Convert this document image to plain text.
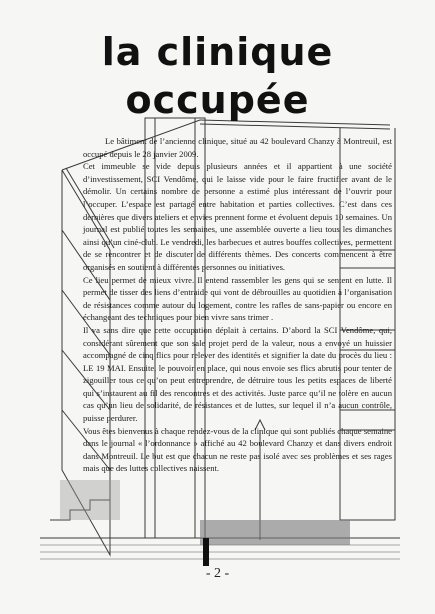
la clinique
occupée

Le bâtiment de l’ancienne clinique, situé au 42 boulevard Chanzy à Montreuil, est occupé depuis le 28 janvier 2009.

Cet immeuble se vide depuis plusieurs années et il appartient à une société d’investissement, SCI Vendôme, qui le laisse vide pour le faire fructifier avant de le démolir. Un certains nombre de personne a estimé plus intéressant de l’ouvrir pour l’occuper. L’espace est partagé entre habitation et parties collectives. C’est dans ces dernières que divers ateliers et envies prennent forme et évoluent depuis 10 semaines. Un journal est publié toutes les semaines, une assemblée ouverte a lieu tous les dimanches ainsi qu’un ciné-club. Le vendredi, les barbecues et autres bouffes collectives, permettent de se rencontrer et de discuter de différents thèmes. Des concerts commencent à être organisés en soutient à différentes personnes ou initiatives.

Ce lieu permet de mieux vivre. Il entend rassembler les gens qui se sentent en lutte. Il permet de tisser des liens d’entraide qui vont de débrouilles au quotidien à l’organisation de résistances comme autour du logement, contre les rafles de sans-papier ou encore en échangeant des techniques pour bien vivre sans trimer .

Il va sans dire que cette occupation déplait à certains. D’abord la SCI Vendôme, qui, considérant sûrement que son sale projet perd de la valeur, nous a envoyé un huissier accompagné de cinq flics pour relever des identités et signifier la date du procès du lieu : LE 19 MAI. Ensuite, le pouvoir en place, qui nous envoie ses flics abrutis pour tenter de zigouiller tous ce qu’on peut entreprendre, de détruire tous les petits espaces de liberté qui s’instaurent au fil des rencontres et des activités. Juste parce qu’il ne tolère en aucun cas qu’un lieu de solidarité, de résistances et de luttes, sur lequel il n’a aucun contrôle, puisse perdurer.

Vous êtes bienvenus à chaque rendez-vous de la clinique qui sont publiés chaque semaine dans le journal « l’ordonnance » affiché au 42 boulevard Chanzy et dans divers endroit dans Montreuil. Le but est que chacun ne reste pas isolé avec ses problèmes et ses rages mais que des luttes collectives naissent.

- 2 -
